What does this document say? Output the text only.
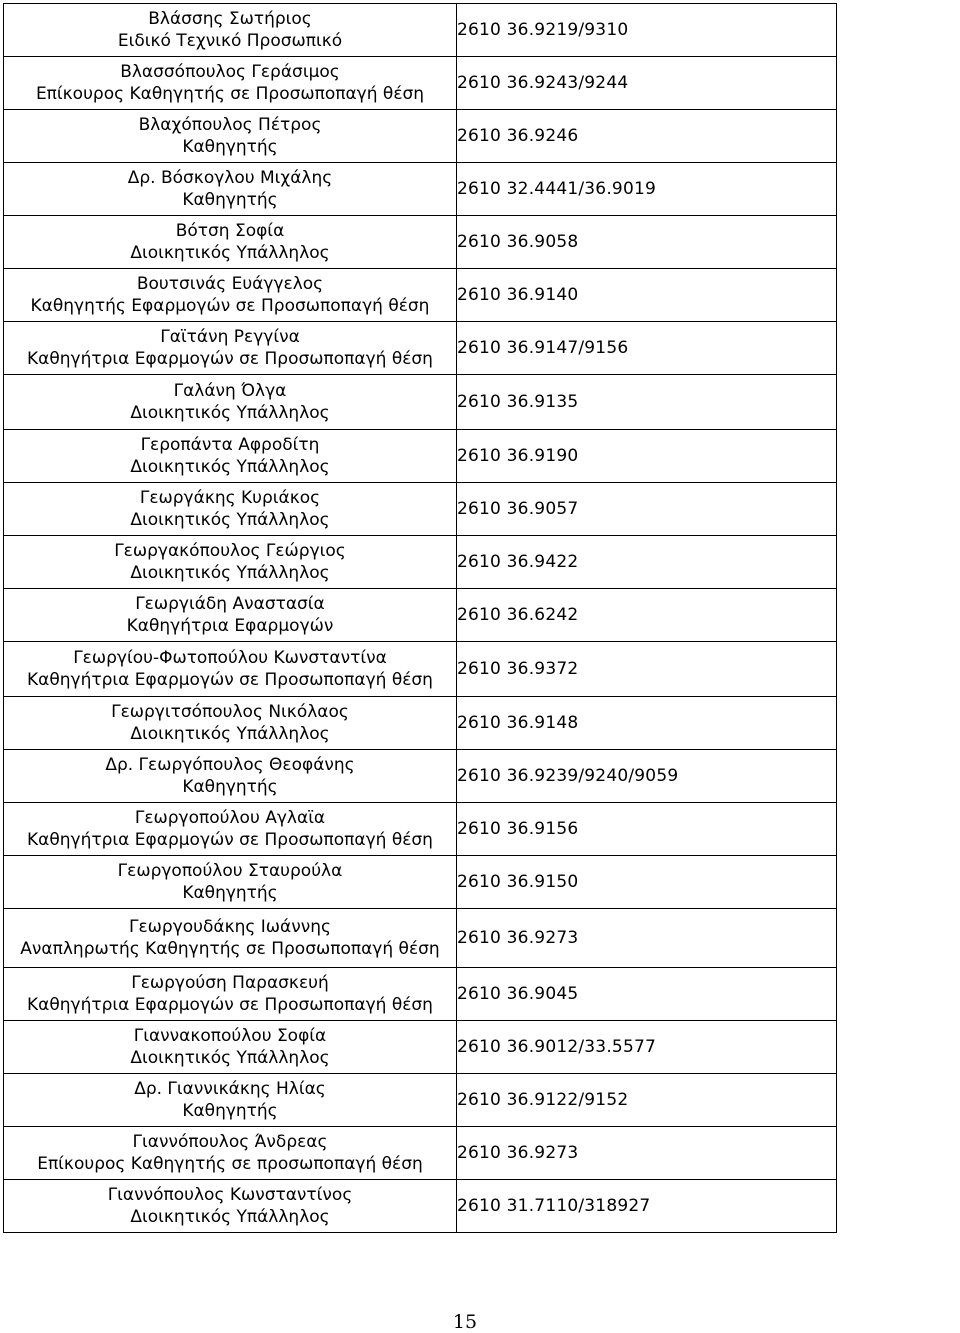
Βλάσσης Σωτήριος
Ειδικό Τεχνικό Προσωπικό	2610 36.9219/9310

Βλασσόπουλος Γεράσιμος
Επίκουρος Καθηγητής σε Προσωποπαγή θέση	2610 36.9243/9244

Βλαχόπουλος Πέτρος
Καθηγητής	2610 36.9246

Δρ. Βόσκογλου Μιχάλης
Καθηγητής	2610 32.4441/36.9019

Βότση Σοφία
Διοικητικός Υπάλληλος	2610 36.9058

Βουτσινάς Ευάγγελος
Καθηγητής Εφαρμογών σε Προσωποπαγή θέση	2610 36.9140

Γαϊτάνη Ρεγγίνα
Καθηγήτρια Εφαρμογών σε Προσωποπαγή θέση	2610 36.9147/9156

Γαλάνη Όλγα
Διοικητικός Υπάλληλος	2610 36.9135

Γεροπάντα Αφροδίτη
Διοικητικός Υπάλληλος	2610 36.9190

Γεωργάκης Κυριάκος
Διοικητικός Υπάλληλος	2610 36.9057

Γεωργακόπουλος Γεώργιος
Διοικητικός Υπάλληλος	2610 36.9422

Γεωργιάδη Αναστασία
Καθηγήτρια Εφαρμογών	2610 36.6242

Γεωργίου-Φωτοπούλου Κωνσταντίνα
Καθηγήτρια Εφαρμογών σε Προσωποπαγή θέση	2610 36.9372

Γεωργιτσόπουλος Νικόλαος
Διοικητικός Υπάλληλος	2610 36.9148

Δρ. Γεωργόπουλος Θεοφάνης
Καθηγητής	2610 36.9239/9240/9059

Γεωργοπούλου Αγλαϊα
Καθηγήτρια Εφαρμογών σε Προσωποπαγή θέση	2610 36.9156

Γεωργοπούλου Σταυρούλα
Καθηγητής	2610 36.9150

Γεωργουδάκης Ιωάννης
Αναπληρωτής Καθηγητής σε Προσωποπαγή θέση	2610 36.9273

Γεωργούση Παρασκευή
Καθηγήτρια Εφαρμογών σε Προσωποπαγή θέση	2610 36.9045

Γιαννακοπούλου Σοφία
Διοικητικός Υπάλληλος	2610 36.9012/33.5577

Δρ. Γιαννικάκης Ηλίας
Καθηγητής	2610 36.9122/9152

Γιαννόπουλος Άνδρεας
Επίκουρος Καθηγητής σε προσωποπαγή θέση	2610 36.9273

Γιαννόπουλος Κωνσταντίνος
Διοικητικός Υπάλληλος	2610 31.7110/318927
15
